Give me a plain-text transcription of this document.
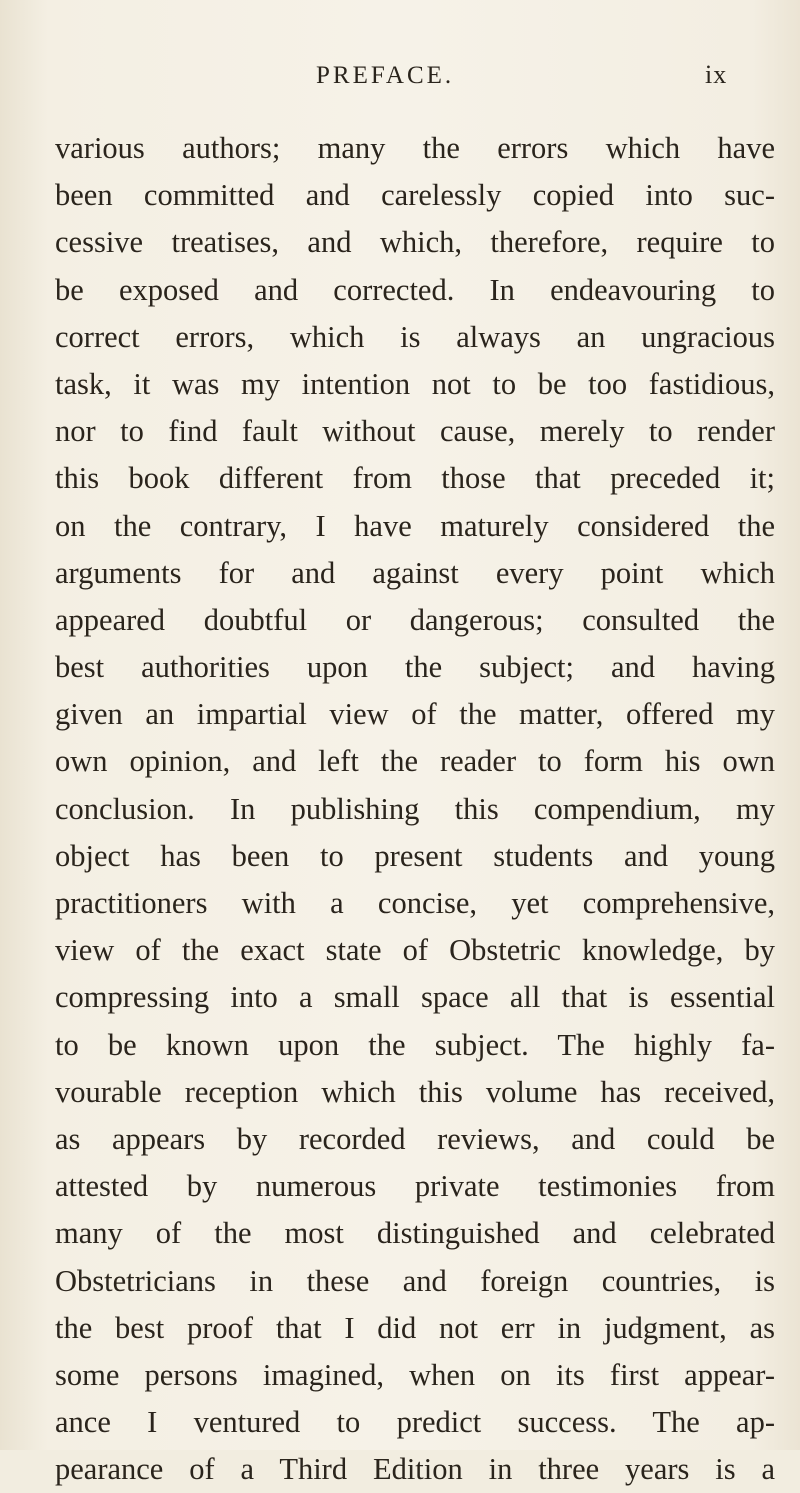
PREFACE.	ix
various authors; many the errors which have
been committed and carelessly copied into suc-
cessive treatises, and which, therefore, require to
be exposed and corrected. In endeavouring to
correct errors, which is always an ungracious
task, it was my intention not to be too fastidious,
nor to find fault without cause, merely to render
this book different from those that preceded it;
on the contrary, I have maturely considered the
arguments for and against every point which
appeared doubtful or dangerous; consulted the
best authorities upon the subject; and having
given an impartial view of the matter, offered my
own opinion, and left the reader to form his own
conclusion. In publishing this compendium, my
object has been to present students and young
practitioners with a concise, yet comprehensive,
view of the exact state of Obstetric knowledge, by
compressing into a small space all that is essential
to be known upon the subject. The highly fa-
vourable reception which this volume has received,
as appears by recorded reviews, and could be
attested by numerous private testimonies from
many of the most distinguished and celebrated
Obstetricians in these and foreign countries, is
the best proof that I did not err in judgment, as
some persons imagined, when on its first appear-
ance I ventured to predict success. The ap-
pearance of a Third Edition in three years is a
